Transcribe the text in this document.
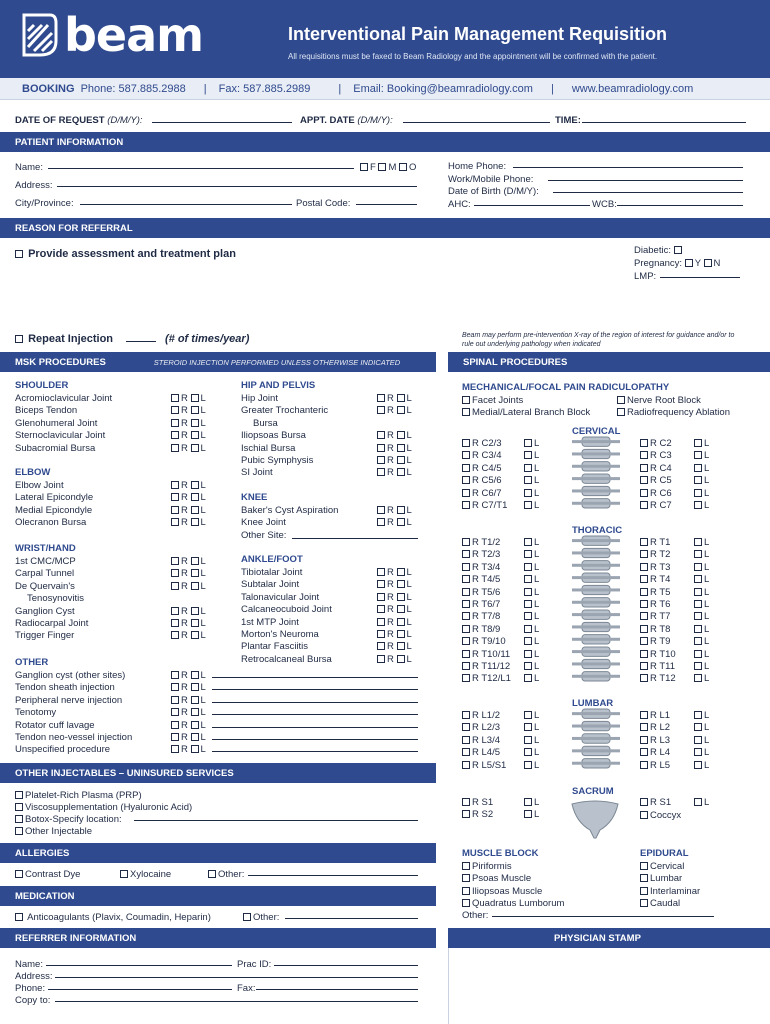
beam	Interventional Pain Management Requisition
All requisitions must be faxed to Beam Radiology and the appointment will be confirmed with the patient.
BOOKING Phone: 587.885.2988 | Fax: 587.885.2989	| Email: Booking@beamradiology.com | www.beamradiology.com
DATE OF REQUEST (D/M/Y):	APPT. DATE (D/M/Y):	TIME:
PATIENT INFORMATION
Name:	F M O
Address:
City/Province:	Postal Code:
Home Phone:
Work/Mobile Phone:
Date of Birth (D/M/Y):
AHC:	WCB:
REASON FOR REFERRAL
Provide assessment and treatment plan	Diabetic:
Pregnancy: Y N
LMP:
Repeat Injection	(# of times/year)	Beam may perform pre-intervention X-ray of the region of interest for guidance and/or to rule out underlying pathology when indicated
MSK PROCEDURES	STEROID INJECTION PERFORMED UNLESS OTHERWISE INDICATED	SPINAL PROCEDURES
SHOULDER
Acromioclavicular Joint	R L
Biceps Tendon	R L
Glenohumeral Joint	R L
Sternoclavicular Joint	R L
Subacromial Bursa	R L
ELBOW
Elbow Joint	R L
Lateral Epicondyle	R L
Medial Epicondyle	R L
Olecranon Bursa	R L
WRIST/HAND
1st CMC/MCP	R L
Carpal Tunnel	R L
De Quervain's	R L
Tenosynovitis
Ganglion Cyst	R L
Radiocarpal Joint	R L
Trigger Finger	R L
OTHER
Ganglion cyst (other sites)	R L
Tendon sheath injection	R L
Peripheral nerve injection	R L
Tenotomy	R L
Rotator cuff lavage	R L
Tendon neo-vessel injection	R L
Unspecified procedure	R L
HIP AND PELVIS
Hip Joint	R L
Greater Trochanteric	R L
Bursa
Iliopsoas Bursa	R L
Ischial Bursa	R L
Pubic Symphysis	R L
SI Joint	R L
KNEE
Baker's Cyst Aspiration	R L
Knee Joint	R L
Other Site:
ANKLE/FOOT
Tibiotalar Joint	R L
Subtalar Joint	R L
Talonavicular Joint	R L
Calcaneocuboid Joint	R L
1st MTP Joint	R L
Morton's Neuroma	R L
Plantar Fasciitis	R L
Retrocalcaneal Bursa	R L
MECHANICAL/FOCAL PAIN RADICULOPATHY
Facet Joints
Medial/Lateral Branch Block
Nerve Root Block
Radiofrequency Ablation
CERVICAL
R C2/3	L
R C3/4	L
R C4/5	L
R C5/6	L
R C6/7	L
R C7/T1	L
R C2	L
R C3	L
R C4	L
R C5	L
R C6	L
R C7	L
THORACIC
R T1/2	L
R T2/3	L
R T3/4	L
R T4/5	L
R T5/6	L
R T6/7	L
R T7/8	L
R T8/9	L
R T9/10	L
R T10/11	L
R T11/12	L
R T12/L1	L
R T1	L
R T2	L
R T3	L
R T4	L
R T5	L
R T6	L
R T7	L
R T8	L
R T9	L
R T10	L
R T11	L
R T12	L
LUMBAR
R L1/2	L
R L2/3	L
R L3/4	L
R L4/5	L
R L5/S1	L
R L1	L
R L2	L
R L3	L
R L4	L
R L5	L
SACRUM
R S1	L
R S2	L
R S1	L
Coccyx
OTHER INJECTABLES – UNINSURED SERVICES
Platelet-Rich Plasma (PRP)
Viscosupplementation (Hyaluronic Acid)
Botox-Specify location:
Other Injectable
ALLERGIES
Contrast Dye	Xylocaine	Other:
MEDICATION
Anticoagulants (Plavix, Coumadin, Heparin)	Other:
MUSCLE BLOCK
Piriformis
Psoas Muscle
Iliopsoas Muscle
Quadratus Lumborum
Other:
EPIDURAL
Cervical
Lumbar
Interlaminar
Caudal
REFERRER INFORMATION	PHYSICIAN STAMP
Name:
Address:
Phone:
Copy to:
Prac ID:
Fax:
